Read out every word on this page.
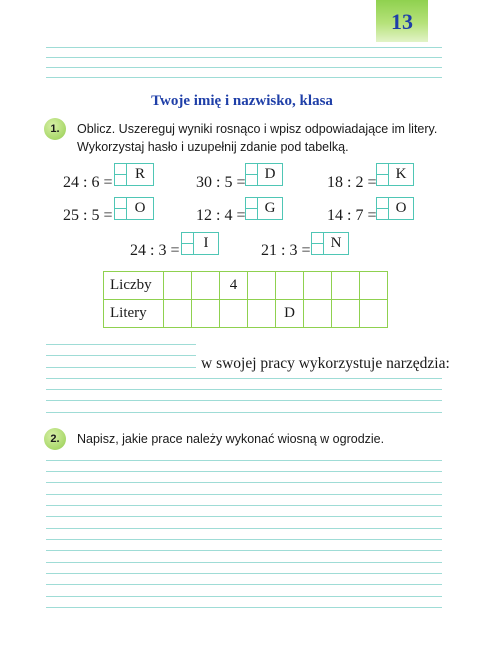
13
Twoje imię i nazwisko, klasa
1.	Oblicz. Uszereguj wyniki rosnąco i wpisz odpowiadające im litery.
Wykorzystaj hasło i uzupełnij zdanie pod tabelką.
24 : 6 =	R	30 : 5 =	D	18 : 2 =	K
25 : 5 =	O	12 : 4 =	G	14 : 7 =	O
24 : 3 =	I	21 : 3 =	N
Liczby			4					
Litery					D			
w swojej pracy wykorzystuje narzędzia:
2.	Napisz, jakie prace należy wykonać wiosną w ogrodzie.
